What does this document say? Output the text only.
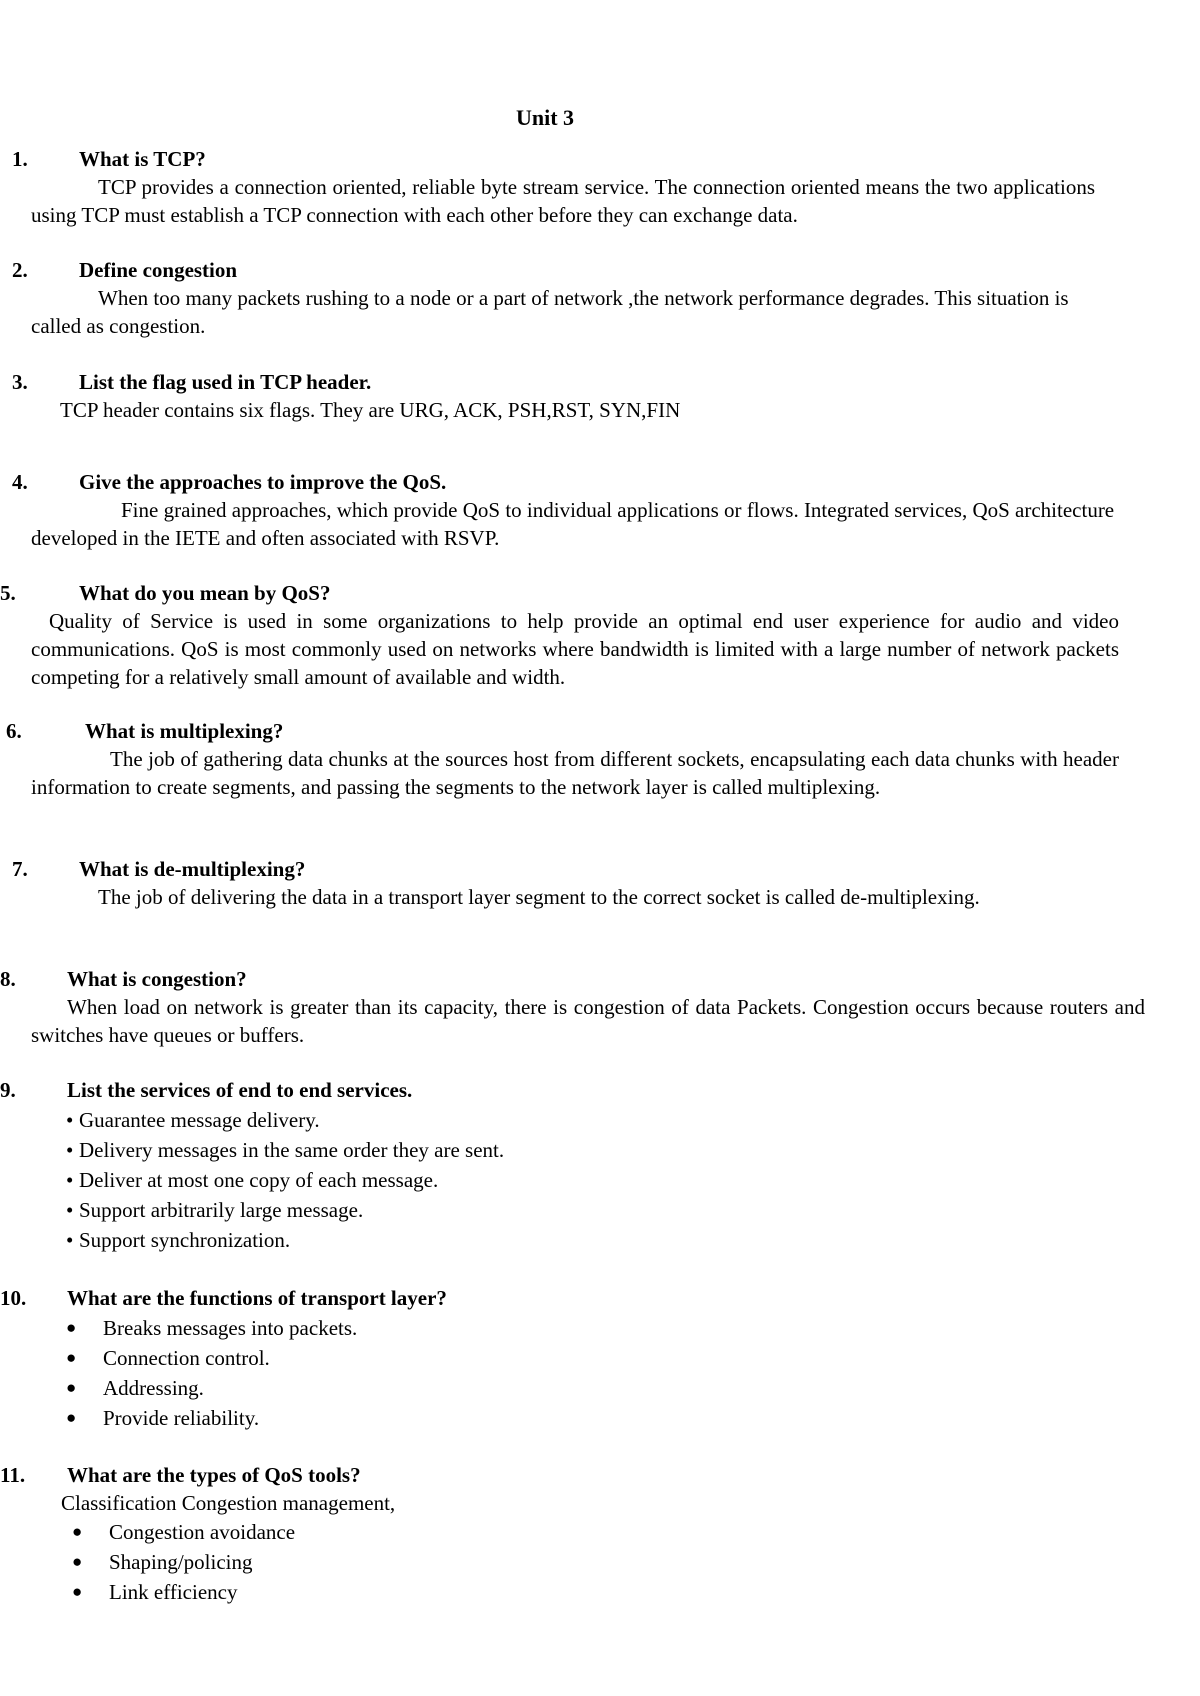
Unit 3
1. What is TCP?

TCP provides a connection oriented, reliable byte stream service. The connection oriented means the two applications using TCP must establish a TCP connection with each other before they can exchange data.

2. Define congestion

When too many packets rushing to a node or a part of network ,the network performance degrades. This situation is called as congestion.

3. List the flag used in TCP header.

TCP header contains six flags. They are URG, ACK, PSH,RST, SYN,FIN

4. Give the approaches to improve the QoS.

Fine grained approaches, which provide QoS to individual applications or flows. Integrated services, QoS architecture developed in the IETE and often associated with RSVP.

5.	What do you mean by QoS?

Quality of Service is used in some organizations to help provide an optimal end user experience for audio and video communications. QoS is most commonly used on networks where bandwidth is limited with a large number of network packets competing for a relatively small amount of available and width.

6.	What is multiplexing?

The job of gathering data chunks at the sources host from different sockets, encapsulating each data chunks with header information to create segments, and passing the segments to the network layer is called multiplexing.

7. What is de-multiplexing?

The job of delivering the data in a transport layer segment to the correct socket is called de-multiplexing.

8. What is congestion?

When load on network is greater than its capacity, there is congestion of data Packets. Congestion occurs because routers and switches have queues or buffers.

9. List the services of end to end services.
• Guarantee message delivery.
• Delivery messages in the same order they are sent.
• Deliver at most one copy of each message.
• Support arbitrarily large message.
• Support synchronization.
10. What are the functions of transport layer?
● Breaks messages into packets.
● Connection control.
● Addressing.
● Provide reliability.
11. What are the types of QoS tools?
Classification Congestion management,
● Congestion avoidance
● Shaping/policing
● Link efficiency
